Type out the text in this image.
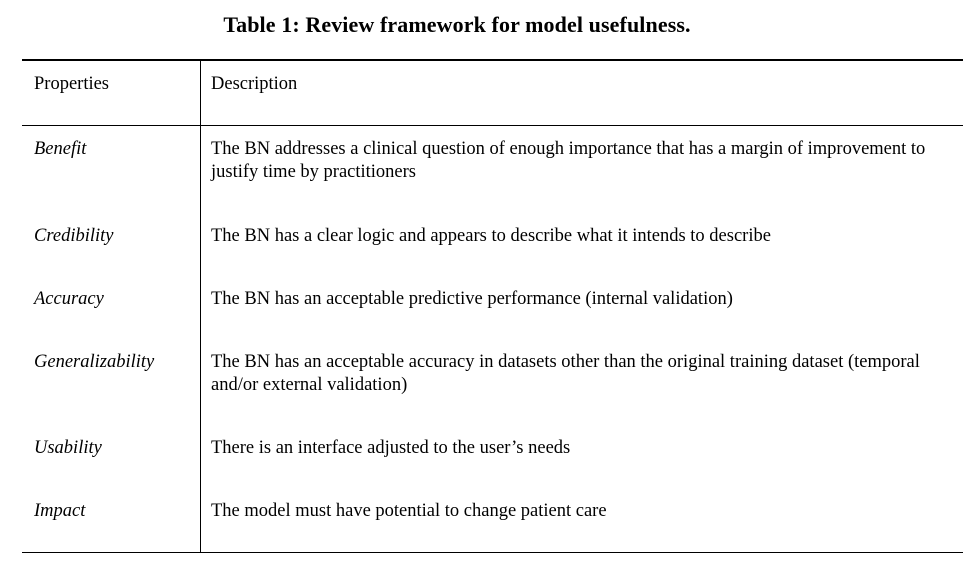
Table 1: Review framework for model usefulness.
Properties	Description
Benefit	The BN addresses a clinical question of enough importance that has a margin of improvement to justify time by practitioners
Credibility	The BN has a clear logic and appears to describe what it intends to describe
Accuracy	The BN has an acceptable predictive performance (internal validation)
Generalizability	The BN has an acceptable accuracy in datasets other than the original training dataset (temporal and/or external validation)
Usability	There is an interface adjusted to the user’s needs
Impact	The model must have potential to change patient care
